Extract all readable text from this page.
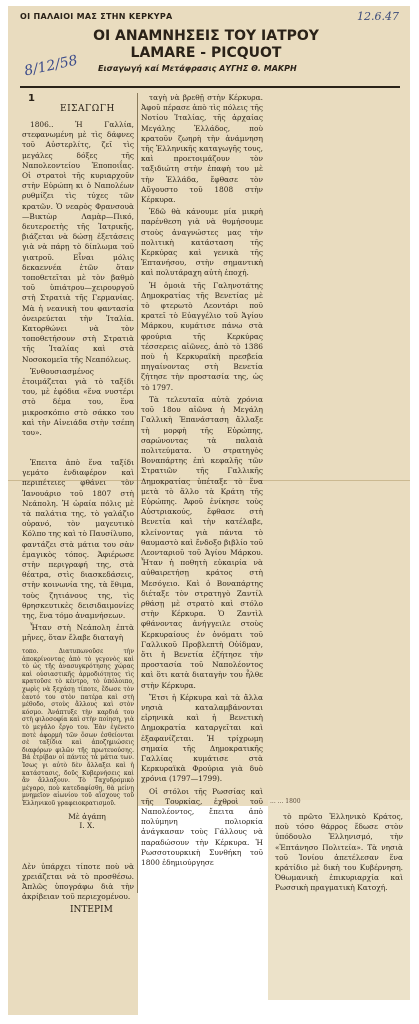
ΟΙ ΠΑΛΑΙΟΙ ΜΑΣ ΣΤΗΝ ΚΕΡΚΥΡΑ	12.6.47
8/12/58
ΟΙ ΑΝΑΜΝΗΣΕΙΣ ΤΟΥ ΙΑΤΡΟΥ LAMARE - PICQUOT
Εισαγωγή καί Μετάφρασις ΑΥΓΗΣ Θ. ΜΑΚΡΗ
1
ΕΙΣΑΓΩΓΗ

1806.. Ἡ Γαλλία, στεφανωμένη μὲ τὶς δάφνες τοῦ Αὐστερλίτς, ζεῖ τὶς μεγάλες δόξες τῆς Ναπολεοντείου Ἐποποιΐας. Οἱ στρατοὶ τῆς κυριαρχοῦν στὴν Εὐρώπη κι ὁ Ναπολέων ρυθμίζει τὶς τύχες τῶν κρατῶν. Ὁ νεαρὸς Φρανσουὰ—Βικτὼρ Λαμὰρ—Πικό, δευτεροετὴς τῆς Ἰατρικῆς, βιάζεται νὰ δώσῃ ἐξετάσεις γιὰ νὰ πάρῃ τὸ δίπλωμα τοῦ γιατροῦ. Εἶναι μόλις δεκαεννέα ἐτῶν ὅταν τοποθετεῖται μὲ τὸν βαθμὸ τοῦ ὑπιάτρου—χειρουργοῦ στὴ Στρατιὰ τῆς Γερμανίας. Μὰ ἡ νεανικὴ του φαντασία ὀνειρεύεται τὴν Ἰταλία. Κατορθώνει νὰ τὸν τοποθετήσουν στὴ Στρατιὰ τῆς Ἰταλίας καὶ στὰ Νοσοκομεῖα τῆς Νεαπόλεως.

Ἐνθουσιασμένος ἑτοιμάζεται γιὰ τὸ ταξίδι του, μὲ ἐφόδια «ἕνα νυστέρι στὸ δέμα του, ἕνα μικροσκόπιο στὸ σάκκο του καὶ τὴν Αἰνειάδα στὴν τσέπη του».

Ἐπειτα ἀπὸ ἕνα ταξίδι γεμάτο ἐνδιαφέρον καὶ περιπέτειες φθάνει τὸν Ἰανουάριο τοῦ 1807 στὴ Νεάπολη. Ἡ ὡραία πόλις μὲ τὰ παλάτια της, τὸ γαλάζιο οὐρανό, τὸν μαγευτικὸ Κόλπο της καὶ τὸ Παυσίλυπο, φαντάζει στὰ μάτια του σὰν ἐμαγικὸς τόπος. Ἀφιέρωσε στὴν περιγραφή της, στὰ θέατρα, στὶς διασκεδάσεις, στὴν κοινωνία της, τὰ ἔθιμα, τοὺς ζητιάνους της, τὶς θρησκευτικὲς δεισιδαιμονίες της, ἕνα τόμο ἀναμνήσεων.

Ἦταν στὴ Νεάπολη ἐπτὰ μῆνες, ὅταν ἔλαβε διαταγὴ

τοπο. Διατυπωνοῦσε τὴν ἀποκρίνοντας ἀπὸ τὸ γεγονὸς καὶ τὸ ὡς τῆς ἀνασυγκρότησης χώρας καὶ οὐσιαστικῆς ἀρμοδιότητος τὶς κρατοῦσε τὸ κέντρο, τὸ ὑπόλοιπο, χωρὶς νὰ ξεχάσῃ τίποτε, ἔδωσε τὸν ἑαυτό του στὸν πατέρα καὶ στὴ μέθοδο, στοὺς ἄλλους καὶ στὸν κόσμο. Ἀνάπτυξε τὴν καρδιά του στὴ φιλοσοφία καὶ στὴν ποίηση, γιὰ τὸ μεγάλο ἔργο του. Ἐὰν ἐγένετο ποτὲ ἀφορμὴ τῶν ὅσων ἐσθείονται σὲ ταξίδια καὶ ἀποζημιώσεις διαφόρων φιλῶν τῆς πρωτευούσης. Βά ἐτρίβαν οἱ πάντες τὰ μάτια των. Ἰσως γι αὐτὸ δὲν ἄλλαξει καὶ ἡ κατάστασις, δοῦς Κυβερνήσεις καὶ ἂν ἄλλαξουν. Τὸ Ταχυδρομικὸ μέγαρο, ποὺ κατεδαφίσθη, θὰ μείνῃ μνημεῖον αἰωνίου τοῦ αἴσχους τοῦ Ἑλληνικοῦ γραφειοκρατισμοῦ.
Μὲ ἀγάπη
Ι. Χ.
Δὲν ὑπάρχει τίποτε ποὺ νὰ χρειάζεται νὰ τὸ προσθέσω. Ἁπλῶς ὑπογράφω διὰ τὴν ἀκρίβειαν τοῦ περιεχομένου.
ΙΝΤΕΡΙΜ

ταγὴ νὰ βρεθῇ στὴν Κέρκυρα. Ἀφοῦ πέρασε ἀπὸ τὶς πόλεις τῆς Νοτίου Ἰταλίας, τῆς ἀρχαίας Μεγάλης Ἑλλάδος, ποὺ κρατοῦν ζωηρὴ τὴν ἀνάμνηση τῆς Ἑλληνικῆς καταγωγῆς τους, καὶ προετοιμάζουν τὸν ταξιδιώτη στὴν ἐπαφὴ του μὲ τὴν Ἑλλάδα, ἔφθασε τὸν Αὔγουστο τοῦ 1808 στὴν Κέρκυρα.

Ἐδῶ θὰ κάνουμε μία μικρὴ παρένθεση γιὰ νὰ θυμήσουμε στοὺς ἀναγνώστες μας τὴν πολιτικὴ κατάσταση τῆς Κερκύρας καὶ γενικὰ τῆς Ἑπτανήσου, στὴν σημαντικὴ καὶ πολυτάραχη αὐτὴ ἐποχή.

Ἡ ὁμοιὰ τῆς Γαληνοτάτης Δημοκρατίας τῆς Βενετίας μὲ τὸ φτερωτὸ Λεοντάρι ποῦ κρατεῖ τὸ Εὐαγγέλιο τοῦ Ἁγίου Μάρκου, κυμάτισε πάνω στὰ φρούρια τῆς Κερκύρας τέσσερεις αἰῶνες, ἀπὸ τὸ 1386 ποὺ ἡ Κερκυραϊκὴ πρεσβεία πηγαίνοντας στὴ Βενετία ζήτησε τὴν προστασία της, ὡς τὸ 1797.

Τὰ τελευταῖα αὐτὰ χρόνια τοῦ 18ου αἰῶνα ἡ Μεγάλη Γαλλικὴ Ἐπανάσταση ἄλλαξε τὴ μορφὴ τῆς Εὐρώπης, σαρώνοντας τὰ παλαιὰ πολιτεύματα. Ὁ στρατηγὸς Βοναπάρτης ἐπὶ κεφαλῆς τῶν Στρατιῶν τῆς Γαλλικῆς Δημοκρατίας ὑπέταξε τὸ ἕνα μετὰ τὸ ἄλλο τὰ Κράτη τῆς Εὐρώπης. Ἀφοῦ ἐνίκησε τοὺς Αὐστριακούς, ἔφθασε στὴ Βενετία καὶ τὴν κατέλαβε, κλείνοντας γιὰ πάντα τὸ θαυμαστὸ καὶ ἔνδοξο βιβλίο τοῦ Λεονταριοῦ τοῦ Ἁγίου Μάρκου. Ἦταν ἡ ποθητὴ εὐκαιρία νὰ αὐθαιρετήσῃ κράτος στὴ Μεσόγειο. Καὶ ὁ Βοναπάρτης διέταξε τὸν στρατηγὸ Ζαντίλ ρθάσῃ μὲ στρατὸ καὶ στόλο στὴν Κέρκυρα. Ὁ Ζαντὶλ φθάνοντας ἀνήγγειλε στοὺς Κερκυραίους ἐν ὀνόματι τοῦ Γαλλικοῦ Προβλεπτὴ Οὐίδμαν, ὅτι ἡ Βενετία ἐζήτησε τὴν προστασία τοῦ Ναπολέοντος καὶ ὅτι κατὰ διαταγὴν του ἦλθε στὴν Κέρκυρα.

Ἔτσι ἡ Κέρκυρα καὶ τὰ ἄλλα νησιὰ καταλαμβάνονται εἰρηνικὰ καὶ ἡ Βενετικὴ Δημοκρατία καταργεῖται καὶ ἐξαφανίζεται. Ἡ τρίχρωμη σημαία τῆς Δημοκρατικῆς Γαλλίας κυμάτισε στὰ Κερκυραϊκὰ Φρούρια γιὰ δυὸ χρόνια (1797—1799).

Οἱ στόλοι τῆς Ρωσσίας καὶ τῆς Τουρκίας, ἐχθροὶ τοῦ Ναπολέοντος, ἔπειτα ἀπὸ πολύμηνη πολιορκία ἀνάγκασαν τοὺς Γάλλους νὰ παραδώσουν τὴν Κέρκυρα. Ἡ Ρωσσοτουρκικὴ Συνθήκη τοῦ 1800 ἐδημιούργησε

... ... 1800

τὸ πρῶτο Ἑλληνικὸ Κράτος, ποὺ τόσο θάρρος ἔδωσε στὸν ὑπόδουλο Ἑλληνισμό, τὴν «Ἑπτάνησο Πολιτεία». Τὰ νησιὰ τοῦ Ἰονίου ἀπετέλεσαν ἕνα κράτίδιο μὲ δικὴ του Κυβέρνηση. Ὀθωμανικὴ ἐπικυριαρχία καὶ Ρωσσικὴ πραγματικὴ Κατοχή.
